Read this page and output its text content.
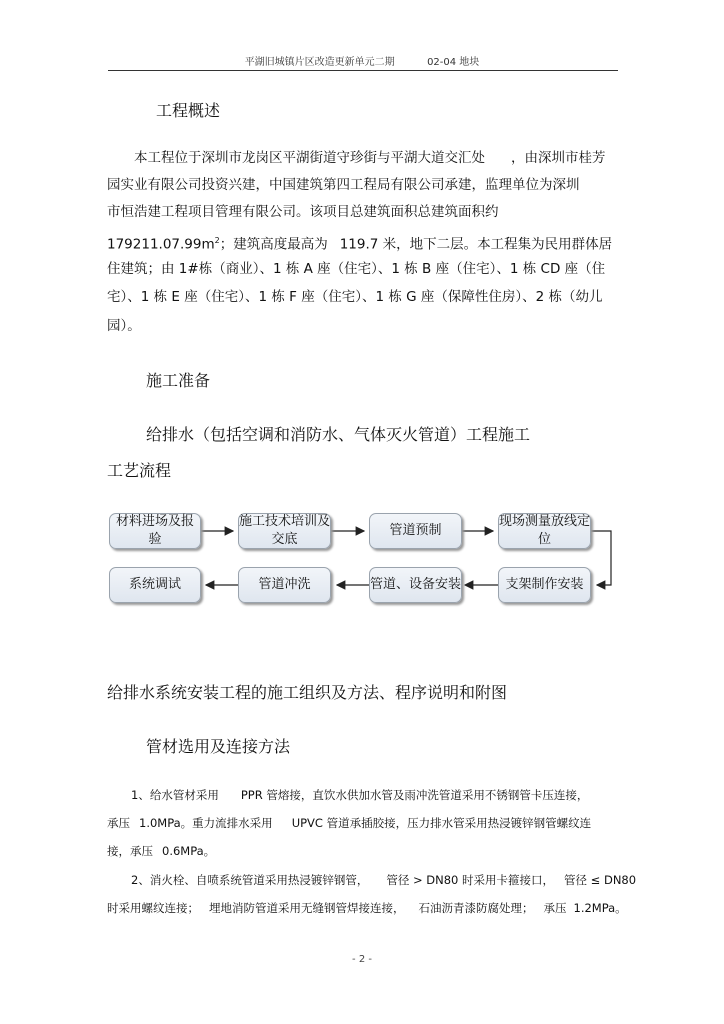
平湖旧城镇片区改造更新单元二期	02-04 地块
工程概述
本工程位于深圳市龙岗区平湖街道守珍街与平湖大道交汇处 ，由深圳市桂芳
园实业有限公司投资兴建，中国建筑第四工程局有限公司承建，监理单位为深圳
市恒浩建工程项目管理有限公司。该项目总建筑面积总建筑面积约
$179211.07.99m^2$；建筑高度最高为 119.7 米，地下二层。本工程集为民用群体居
住建筑；由 1#栋（商业）、1 栋 A 座（住宅）、1 栋 B 座（住宅）、1 栋 CD 座（住
宅）、1 栋 E 座（住宅）、1 栋 F 座（住宅）、1 栋 G 座（保障性住房）、2 栋（幼儿
园）。
施工准备
给排水（包括空调和消防水、气体灭火管道）工程施工
工艺流程
材料进场及报验
施工技术培训及交底
管道预制
现场测量放线定位
系统调试	管道冲洗	管道、设备安装	支架制作安装
给排水系统安装工程的施工组织及方法、程序说明和附图
管材选用及连接方法
1、给水管材采用 PPR 管熔接，直饮水供加水管及雨冲洗管道采用不锈钢管卡压连接，
承压 1.0MPa。重力流排水采用 UPVC 管道承插胶接，压力排水管采用热浸镀锌钢管螺纹连
接，承压 0.6MPa。
2、消火栓、自喷系统管道采用热浸镀锌钢管， 管径 > DN80 时采用卡箍接口， 管径 ≤ DN80
时采用螺纹连接； 埋地消防管道采用无缝钢管焊接连接， 石油沥青漆防腐处理； 承压 1.2MPa。
- 2 -
